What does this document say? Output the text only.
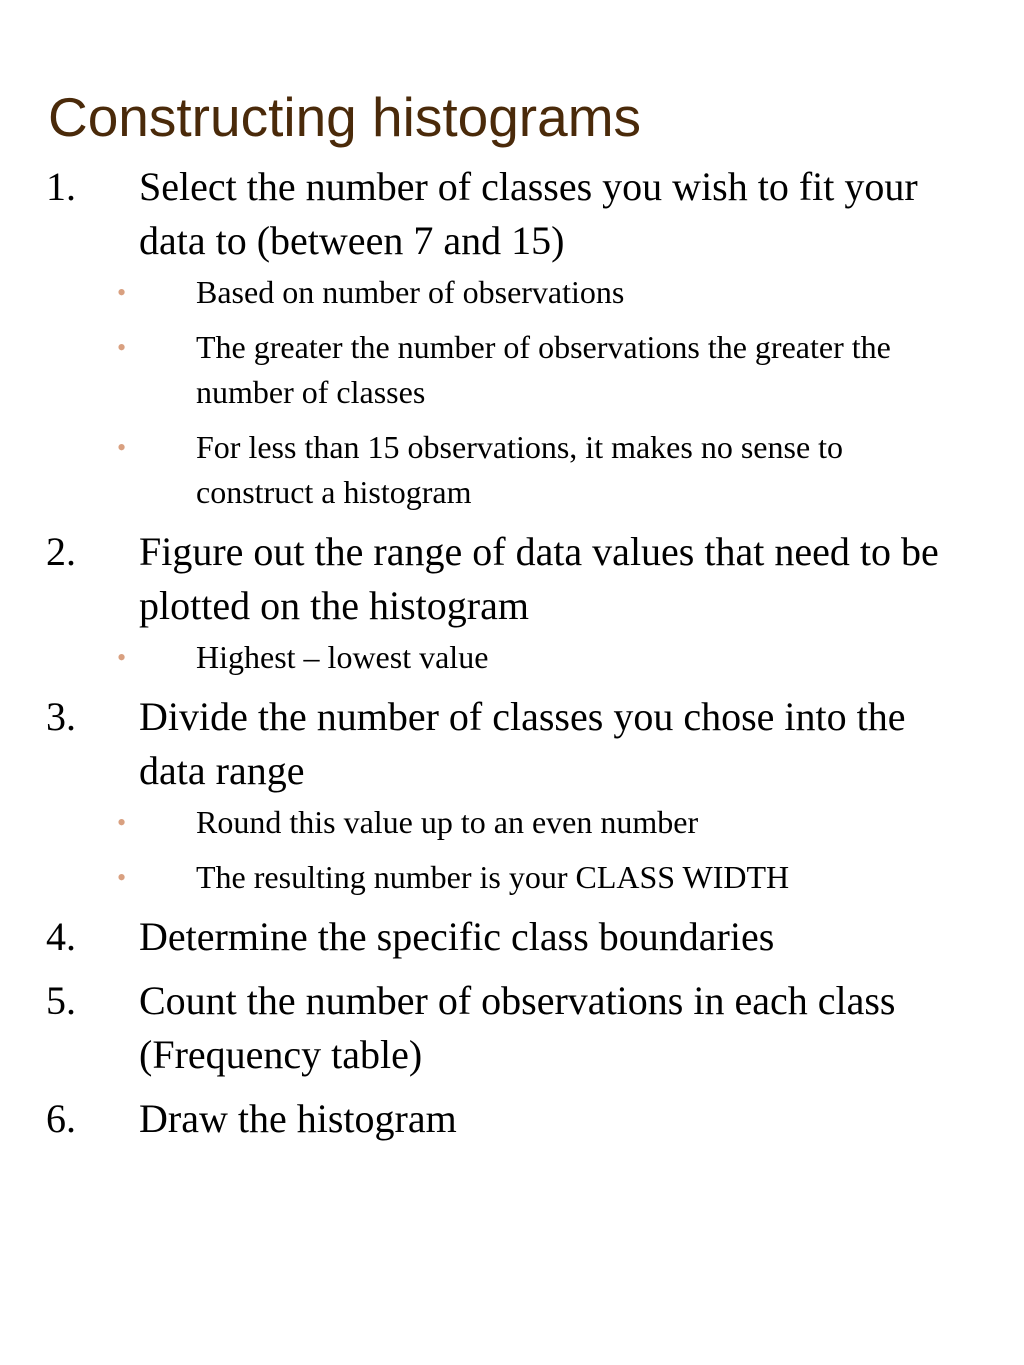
Constructing histograms
1. Select the number of classes you wish to fit your data to (between 7 and 15)
• Based on number of observations
• The greater the number of observations the greater the number of classes
• For less than 15 observations, it makes no sense to construct a histogram
2. Figure out the range of data values that need to be plotted on the histogram
• Highest – lowest value
3. Divide the number of classes you chose into the data range
• Round this value up to an even number
• The resulting number is your CLASS WIDTH
4. Determine the specific class boundaries
5. Count the number of observations in each class (Frequency table)
6. Draw the histogram
